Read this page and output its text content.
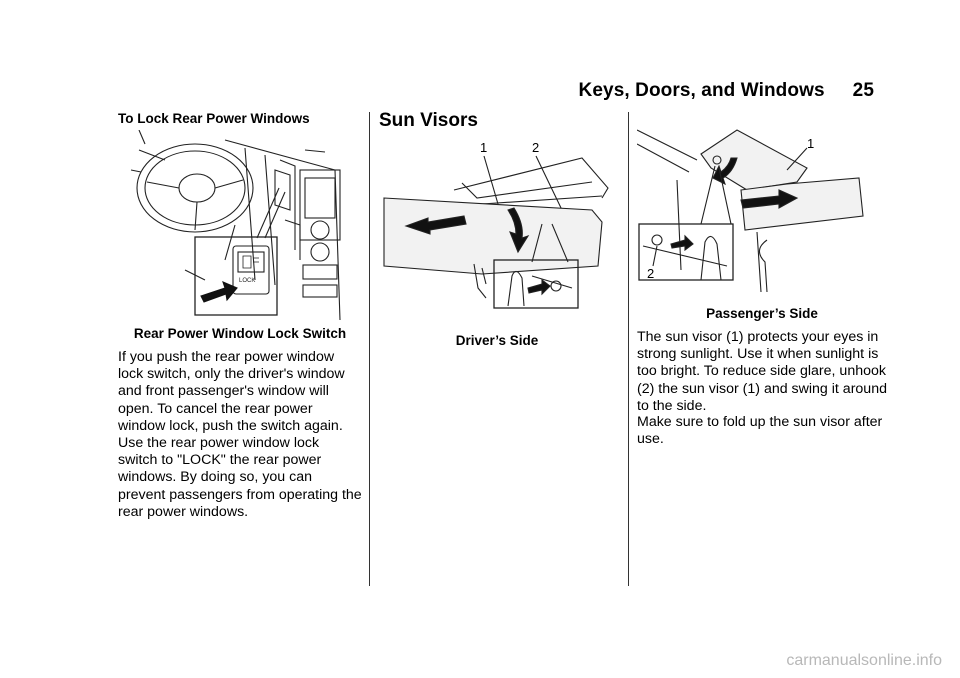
Keys, Doors, and Windows 25
To Lock Rear Power Windows
LOCK
Rear Power Window Lock Switch

If you push the rear power window lock switch, only the driver's window and front passenger's window will open. To cancel the rear power window lock, push the switch again. Use the rear power window lock switch to "LOCK" the rear power windows. By doing so, you can prevent passengers from operating the rear power windows.

Sun Visors
1	2
Driver’s Side
1
2
Passenger’s Side

The sun visor (1) protects your eyes in strong sunlight. Use it when sunlight is too bright. To reduce side glare, unhook (2) the sun visor (1) and swing it around to the side.

Make sure to fold up the sun visor after use.

carmanualsonline.info
